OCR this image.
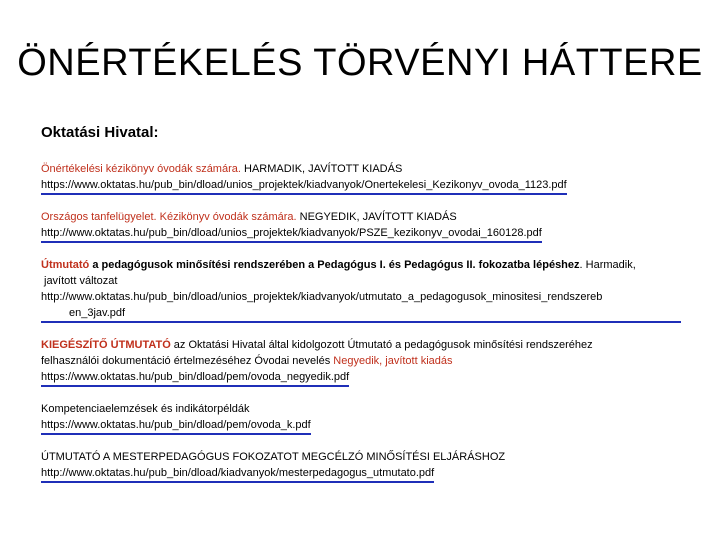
ÖNÉRTÉKELÉS TÖRVÉNYI HÁTTERE
Oktatási Hivatal:
Önértékelési kézikönyv óvodák számára. HARMADIK, JAVÍTOTT KIADÁS
https://www.oktatas.hu/pub_bin/dload/unios_projektek/kiadvanyok/Onertekelesi_Kezikonyv_ovoda_1123.pdf
Országos tanfelügyelet. Kézikönyv óvodák számára. NEGYEDIK, JAVÍTOTT KIADÁS
http://www.oktatas.hu/pub_bin/dload/unios_projektek/kiadvanyok/PSZE_kezikonyv_ovodai_160128.pdf
Útmutató a pedagógusok minősítési rendszerében a Pedagógus I. és Pedagógus II. fokozatba lépéshez. Harmadik,
javított változat
http://www.oktatas.hu/pub_bin/dload/unios_projektek/kiadvanyok/utmutato_a_pedagogusok_minositesi_rendszereb
en_3jav.pdf
KIEGÉSZÍTŐ ÚTMUTATÓ az Oktatási Hivatal által kidolgozott Útmutató a pedagógusok minősítési rendszeréhez
felhasználói dokumentáció értelmezéséhez Óvodai nevelés Negyedik, javított kiadás
https://www.oktatas.hu/pub_bin/dload/pem/ovoda_negyedik.pdf
Kompetenciaelemzések és indikátorpéldák
https://www.oktatas.hu/pub_bin/dload/pem/ovoda_k.pdf
ÚTMUTATÓ A MESTERPEDAGÓGUS FOKOZATOT MEGCÉLZÓ MINŐSÍTÉSI ELJÁRÁSHOZ
http://www.oktatas.hu/pub_bin/dload/kiadvanyok/mesterpedagogus_utmutato.pdf
